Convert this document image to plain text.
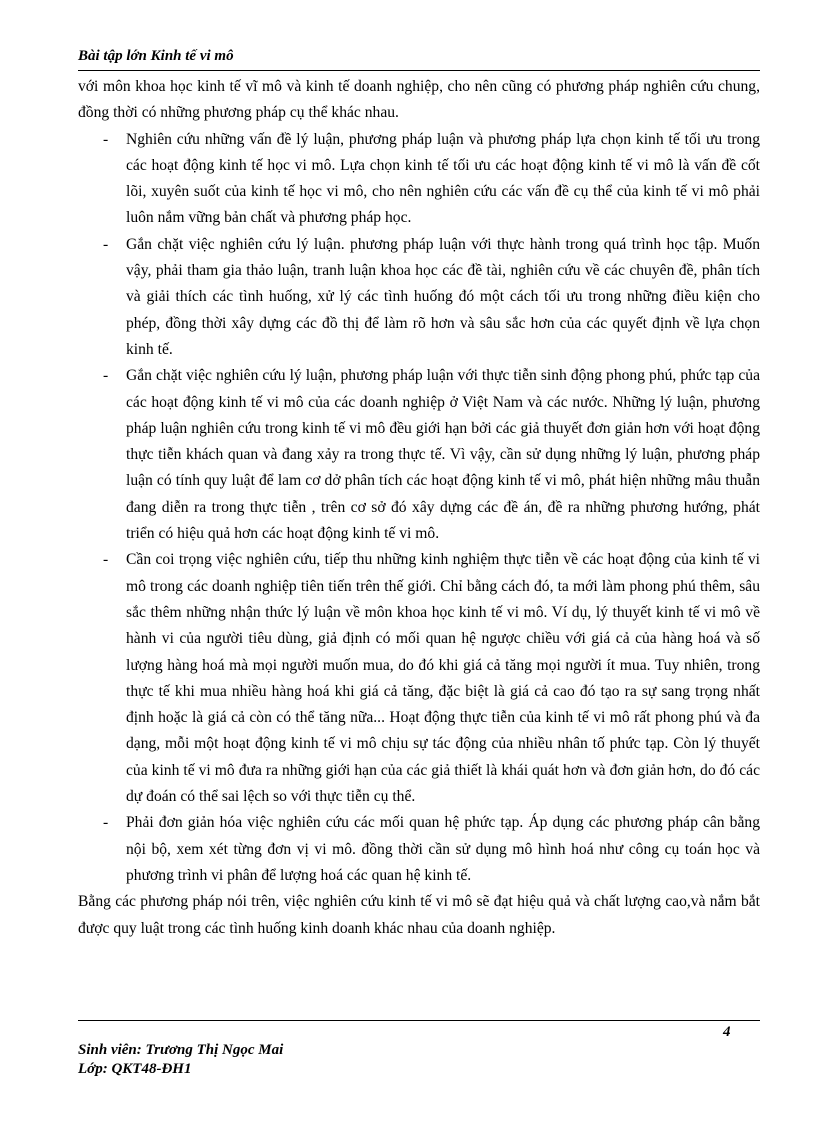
Bài tập lớn Kinh tế vi mô

với môn khoa học kinh tế vĩ mô và kinh tế doanh nghiệp, cho nên cũng có phương pháp nghiên cứu chung, đồng thời có những phương pháp cụ thể khác nhau.

- Nghiên cứu những vấn đề lý luận, phương pháp luận và phương pháp lựa chọn kinh tế tối ưu trong các hoạt động kinh tế học vi mô. Lựa chọn kinh tế tối ưu các hoạt động kinh tế vi mô là vấn đề cốt lõi, xuyên suốt của kinh tế học vi mô, cho nên nghiên cứu các vấn đề cụ thể của kinh tế vi mô phải luôn nắm vững bản chất và phương pháp học.
- Gắn chặt việc nghiên cứu lý luận. phương pháp luận với thực hành trong quá trình học tập. Muốn vậy, phải tham gia thảo luận, tranh luận khoa học các đề tài, nghiên cứu về các chuyên đề, phân tích và giải thích các tình huống, xử lý các tình huống đó một cách tối ưu trong những điều kiện cho phép, đồng thời xây dựng các đồ thị để làm rõ hơn và sâu sắc hơn của các quyết định về lựa chọn kinh tế.
- Gắn chặt việc nghiên cứu lý luận, phương pháp luận với thực tiễn sinh động phong phú, phức tạp của các hoạt động kinh tế vi mô của các doanh nghiệp ở Việt Nam và các nước. Những lý luận, phương pháp luận nghiên cứu trong kinh tế vi mô đều giới hạn bởi các giả thuyết đơn giản hơn với hoạt động thực tiễn khách quan và đang xảy ra trong thực tế. Vì vậy, cần sử dụng những lý luận, phương pháp luận có tính quy luật để lam cơ dở phân tích các hoạt động kinh tế vi mô, phát hiện những mâu thuẫn đang diễn ra trong thực tiễn , trên cơ sở đó xây dựng các đề án, đề ra những phương hướng, phát triển có hiệu quả hơn các hoạt động kinh tế vi mô.
- Cần coi trọng việc nghiên cứu, tiếp thu những kinh nghiệm thực tiễn về các hoạt động của kinh tế vi mô trong các doanh nghiệp tiên tiến trên thế giới. Chỉ bằng cách đó, ta mới làm phong phú thêm, sâu sắc thêm những nhận thức lý luận về môn khoa học kinh tế vi mô. Ví dụ, lý thuyết kinh tế vi mô về hành vi của người tiêu dùng, giả định có mối quan hệ ngược chiều với giá cả của hàng hoá và số lượng hàng hoá mà mọi người muốn mua, do đó khi giá cả tăng mọi người ít mua. Tuy nhiên, trong thực tế khi mua nhiều hàng hoá khi giá cả tăng, đặc biệt là giá cả cao đó tạo ra sự sang trọng nhất định hoặc là giá cả còn có thể tăng nữa... Hoạt động thực tiễn của kinh tế vi mô rất phong phú và đa dạng, mỗi một hoạt động kinh tế vi mô chịu sự tác động của nhiều nhân tố phức tạp. Còn lý thuyết của kinh tế vi mô đưa ra những giới hạn của các giả thiết là khái quát hơn và đơn giản hơn, do đó các dự đoán có thể sai lệch so với thực tiễn cụ thể.
- Phải đơn giản hóa việc nghiên cứu các mối quan hệ phức tạp. Áp dụng các phương pháp cân bằng nội bộ, xem xét từng đơn vị vi mô. đồng thời cần sử dụng mô hình hoá như công cụ toán học và phương trình vi phân để lượng hoá các quan hệ kinh tế.

Bằng các phương pháp nói trên, việc nghiên cứu kinh tế vi mô sẽ đạt hiệu quả và chất lượng cao,và nắm bắt được quy luật trong các tình huống kinh doanh khác nhau của doanh nghiệp.

4
Sinh viên: Trương Thị Ngọc Mai
Lớp: QKT48-ĐH1
